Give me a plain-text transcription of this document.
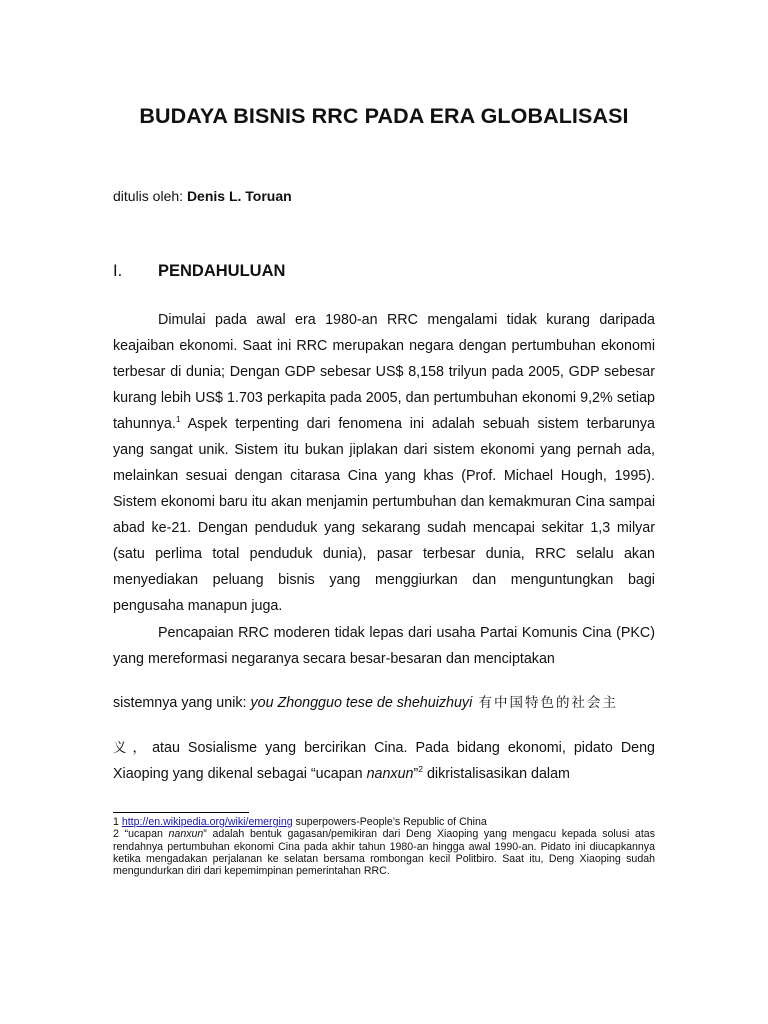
BUDAYA BISNIS RRC PADA ERA GLOBALISASI
ditulis oleh: Denis L. Toruan
I. PENDAHULUAN

Dimulai pada awal era 1980-an RRC mengalami tidak kurang daripada keajaiban ekonomi. Saat ini RRC merupakan negara dengan pertumbuhan ekonomi terbesar di dunia; Dengan GDP sebesar US$ 8,158 trilyun pada 2005, GDP sebesar kurang lebih US$ 1.703 perkapita pada 2005, dan pertumbuhan ekonomi 9,2% setiap tahunnya.$^1$ Aspek terpenting dari fenomena ini adalah sebuah sistem terbarunya yang sangat unik. Sistem itu bukan jiplakan dari sistem ekonomi yang pernah ada, melainkan sesuai dengan citarasa Cina yang khas (Prof. Michael Hough, 1995). Sistem ekonomi baru itu akan menjamin pertumbuhan dan kemakmuran Cina sampai abad ke-21. Dengan penduduk yang sekarang sudah mencapai sekitar 1,3 milyar (satu perlima total penduduk dunia), pasar terbesar dunia, RRC selalu akan menyediakan peluang bisnis yang menggiurkan dan menguntungkan bagi pengusaha manapun juga.

Pencapaian RRC moderen tidak lepas dari usaha Partai Komunis Cina (PKC) yang mereformasi negaranya secara besar-besaran dan menciptakan

sistemnya yang unik: you Zhongguo tese de shehuizhuyi 有中国特色的社会主

义，atau Sosialisme yang bercirikan Cina. Pada bidang ekonomi, pidato Deng Xiaoping yang dikenal sebagai “ucapan nanxun”$^2$ dikristalisasikan dalam

1 http://en.wikipedia.org/wiki/emerging superpowers-People’s Republic of China

2 “ucapan nanxun” adalah bentuk gagasan/pemikiran dari Deng Xiaoping yang mengacu kepada solusi atas rendahnya pertumbuhan ekonomi Cina pada akhir tahun 1980-an hingga awal 1990-an. Pidato ini diucapkannya ketika mengadakan perjalanan ke selatan bersama rombongan kecil Politbiro. Saat itu, Deng Xiaoping sudah mengundurkan diri dari kepemimpinan pemerintahan RRC.
